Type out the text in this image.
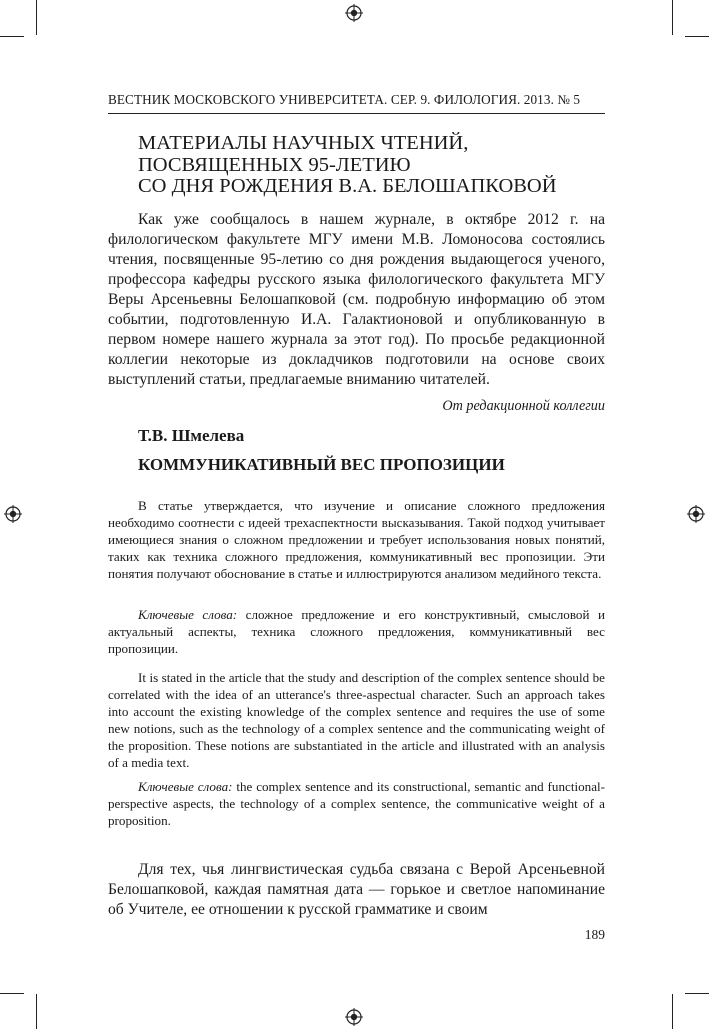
ВЕСТНИК МОСКОВСКОГО УНИВЕРСИТЕТА. СЕР. 9. ФИЛОЛОГИЯ. 2013. № 5
МАТЕРИАЛЫ НАУЧНЫХ ЧТЕНИЙ,
ПОСВЯЩЕННЫХ 95-ЛЕТИЮ
СО ДНЯ РОЖДЕНИЯ В.А. БЕЛОШАПКОВОЙ

Как уже сообщалось в нашем журнале, в октябре 2012 г. на филологическом факультете МГУ имени М.В. Ломоносова состоялись чтения, посвященные 95-летию со дня рождения выдающегося ученого, профессора кафедры русского языка филологического факультета МГУ Веры Арсеньевны Белошапковой (см. подробную информацию об этом событии, подготовленную И.А. Галактионовой и опубликованную в первом номере нашего журнала за этот год). По просьбе редакционной коллегии некоторые из докладчиков подготовили на основе своих выступлений статьи, предлагаемые вниманию читателей.

От редакционной коллегии
Т.В. Шмелева
КОММУНИКАТИВНЫЙ ВЕС ПРОПОЗИЦИИ

В статье утверждается, что изучение и описание сложного предложения необходимо соотнести с идеей трехаспектности высказывания. Такой подход учитывает имеющиеся знания о сложном предложении и требует использования новых понятий, таких как техника сложного предложения, коммуникативный вес пропозиции. Эти понятия получают обоснование в статье и иллюстрируются анализом медийного текста.

Ключевые слова: сложное предложение и его конструктивный, смысловой и актуальный аспекты, техника сложного предложения, коммуникативный вес пропозиции.

It is stated in the article that the study and description of the complex sentence should be correlated with the idea of an utterance's three-aspectual character. Such an approach takes into account the existing knowledge of the complex sentence and requires the use of some new notions, such as the technology of a complex sentence and the communicating weight of the proposition. These notions are substantiated in the article and illustrated with an analysis of a media text.

Ключевые слова: the complex sentence and its constructional, semantic and functional-perspective aspects, the technology of a complex sentence, the communicative weight of a proposition.

Для тех, чья лингвистическая судьба связана с Верой Арсеньевной Белошапковой, каждая памятная дата — горькое и светлое напоминание об Учителе, ее отношении к русской грамматике и своим

189
